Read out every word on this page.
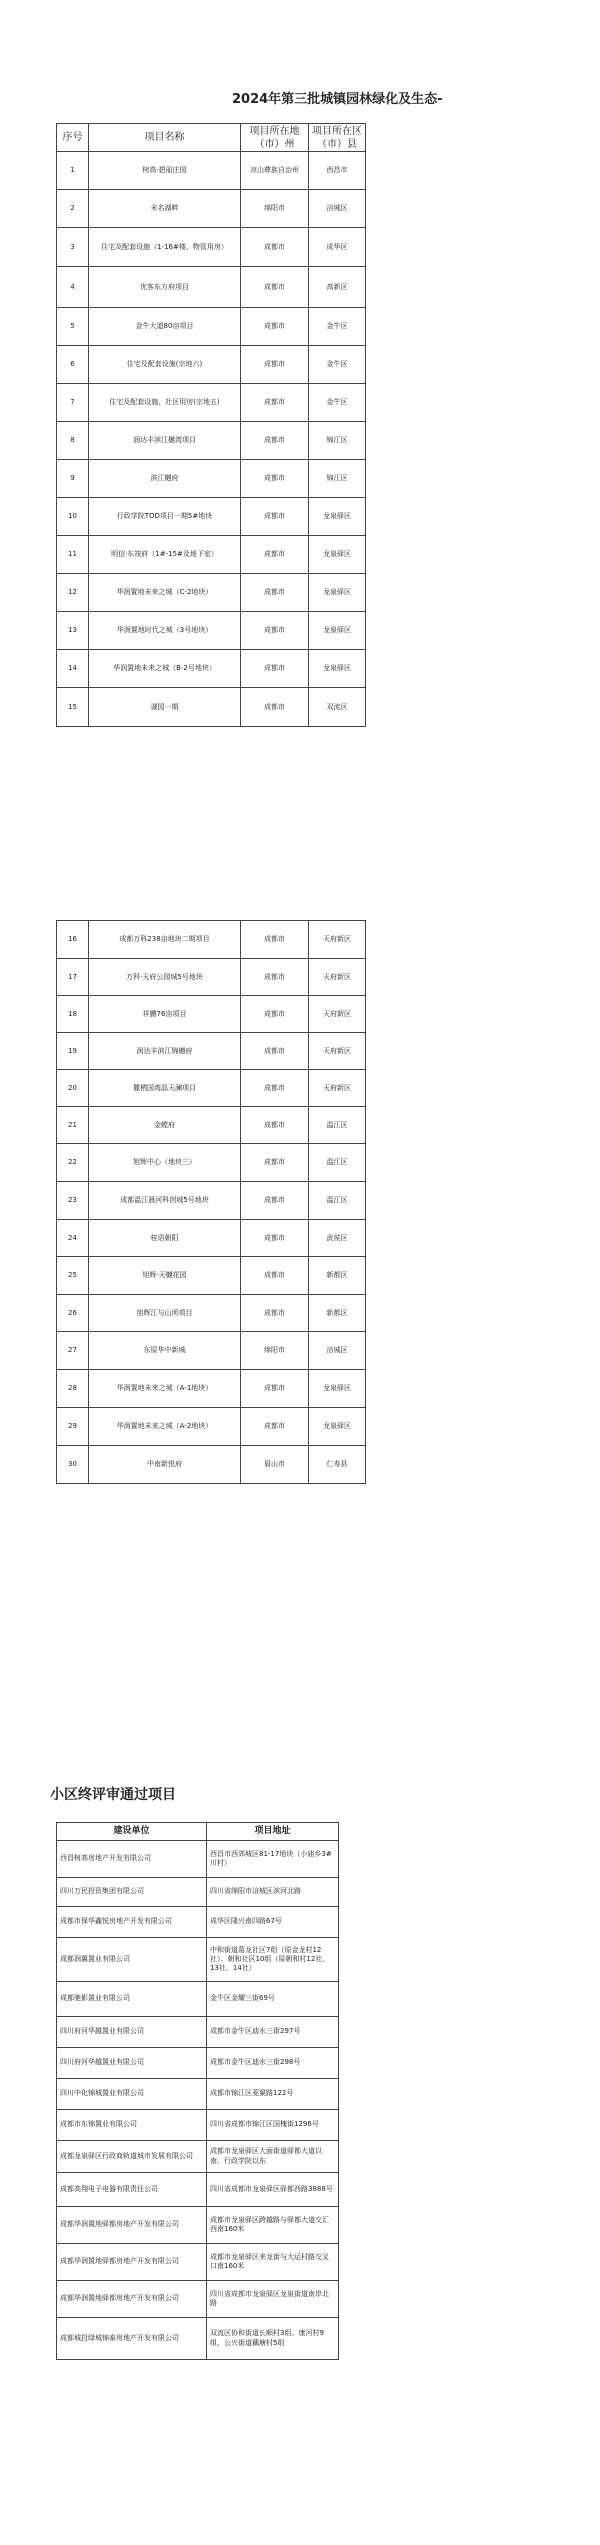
2024年第三批城镇园林绿化及生态-
序号	项目名称	项目所在地（市）州	项目所在区（市）县
1	树高·碧丽庄园	凉山彝族自治州	西昌市
2	未名湖畔	绵阳市	涪城区
3	住宅及配套设施（1-16#楼、物管用房）	成都市	成华区
4	优客东方府项目	成都市	高新区
5	金牛大道80亩项目	成都市	金牛区
6	住宅及配套设施(宗地六)	成都市	金牛区
7	住宅及配套设施、社区用房(宗地五)	成都市	金牛区
8	润达丰滨江樾湾项目	成都市	锦江区
9	滨江樾府	成都市	锦江区
10	行政学院TOD项目一期5#地块	成都市	龙泉驿区
11	明信·东竣府（1#-15#及地下室）	成都市	龙泉驿区
12	华润置地未来之城（C-2地块）	成都市	龙泉驿区
13	华润置地时代之城（3号地块）	成都市	龙泉驿区
14	华润置地未来之城（B-2号地块）	成都市	龙泉驿区
15	诚园一期	成都市	双流区
16	成都万科238亩地块二期项目	成都市	天府新区
17	万科·天府公园城5号地块	成都市	天府新区
18	祥鹏76亩项目	成都市	天府新区
19	润达丰滨江锦樾府	成都市	天府新区
20	麓栖国湾晶天澜项目	成都市	天府新区
21	金螳府	成都市	温江区
22	旭辉中心（地块三）	成都市	温江区
23	成都温江晨河科创城5号地块	成都市	温江区
24	桂语朝阳	成都市	武侯区
25	旭辉·天樾花园	成都市	新都区
26	旭辉江与山所项目	成都市	新都区
27	东原华中新城	绵阳市	涪城区
28	华润置地未来之城（A-1地块）	成都市	龙泉驿区
29	华润置地未来之城（A-2地块）	成都市	龙泉驿区
30	中南新悦府	眉山市	仁寿县
小区终评审通过项目
建设单位	项目地址
西昌树高房地产开发有限公司	西昌市西郊城区81-17地块（小庙乡3#川村）
四川万民投资集团有限公司	四川省绵阳市涪城区滨河北路
成都市保华鑫悦房地产开发有限公司	成华区隆兴南四路67号
成都润翼置业有限公司	中和街道葛龙社区7组（原金龙村12社）、朝和社区10组（原朝和村12社、13社、14社）
成都驰影置业有限公司	金牛区金耀三街69号
四川府河华越置业有限公司	成都市金牛区迪水三街297号
四川府河华越置业有限公司	成都市金牛区迪水三街298号
四川中化锦城置业有限公司	成都市锦江区菱窠路122号
成都市东锦置业有限公司	四川省成都市锦江区国槐街1296号
成都龙泉驿区行政商轨道城市发展有限公司	成都市龙泉驿区大面街道驿都大道以南、行政学院以东
成都高翔电子电器有限责任公司	四川省成都市龙泉驿区驿都西路3888号
成都华润置地驿都房地产开发有限公司	成都市龙泉驿区跨越路与驿都大道交汇西南160米
成都华润置地驿都房地产开发有限公司	成都市龙泉驿区来龙街与大运村路交叉口南160米
成都华润置地驿都房地产开发有限公司	四川省成都市龙泉驿区龙泉街道南岸北路
成都城投绿城锦泰房地产开发有限公司	双流区协和街道长顺村3组、康河村9组、公兴街道藕塘村5组
